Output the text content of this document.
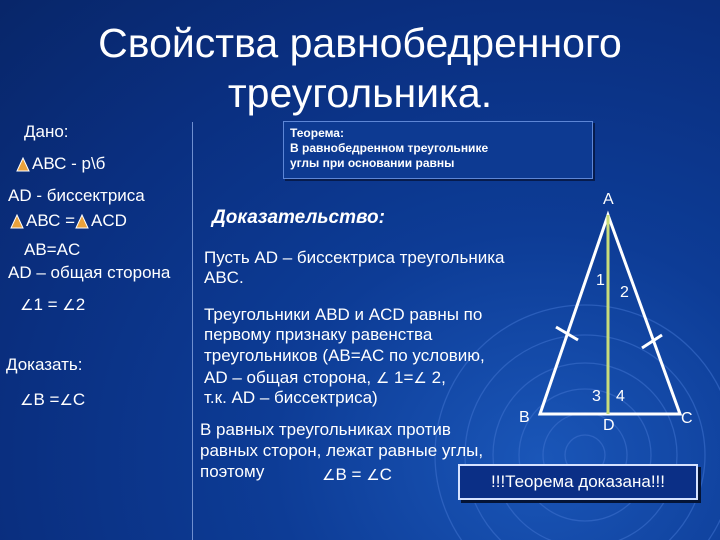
Свойства равнобедренного
треугольника.
Дано:
АВС - р\б
AD - биссектриса
АВС = ACD
AB=AC
AD – общая сторона
∠1 = ∠2
Доказать:
∠В =∠С
Теорема:
В равнобедренном треугольнике
углы при основании равны
Доказательство:
Пусть AD – биссектриса треугольника
ABC.
Треугольники ABD и ACD равны по
первому признаку равенства
треугольников (AB=AC по условию,
AD – общая сторона, ∠ 1=∠ 2,
т.к. AD – биссектриса)
В равных треугольниках против
равных сторон, лежат равные углы,
поэтому	∠В = ∠С	!!!Теорема доказана!!!
A
B	C
D
1
2
3 4
